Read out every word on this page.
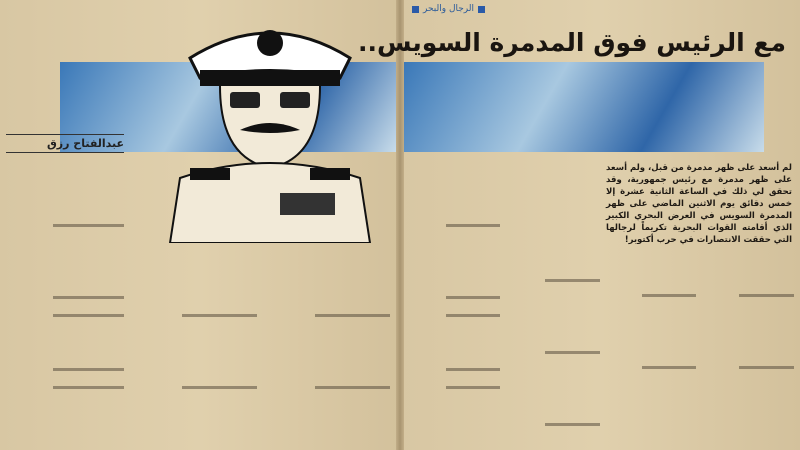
الرجال والبحر
مع الرئيس فوق المدمرة السويس..
عبدالفتاح رزق
لم أسعد على ظهر مدمرة من قبل، ولم أسعد على ظهر مدمرة مع رئيس جمهورية، وقد تحقق لي ذلك في الساعة الثانية عشرة إلا خمس دقائق يوم الاثنين الماضي على ظهر المدمرة السويس في العرض البحري الكبير الذي أقامته القوات البحرية تكريماً لرجالها التي حققت الانتصارات في حرب أكتوبر!
